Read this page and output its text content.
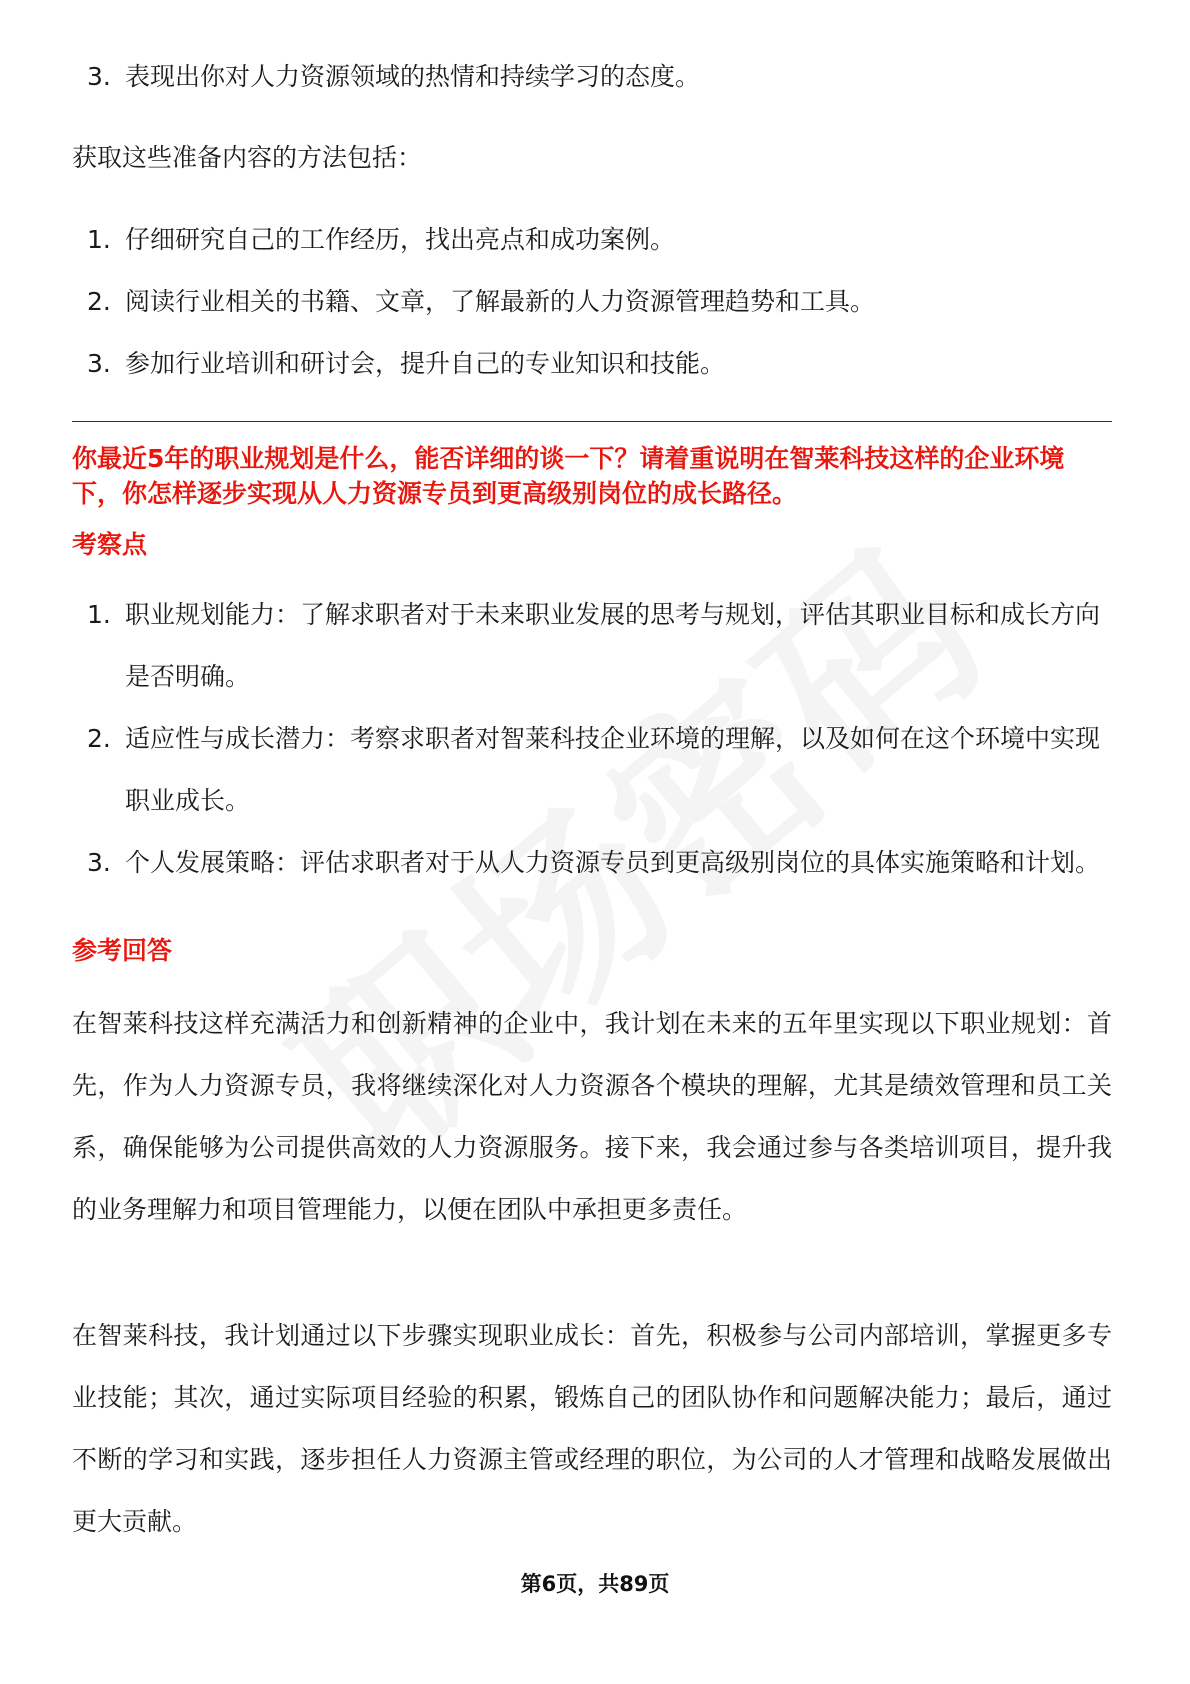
3. 表现出你对人力资源领域的热情和持续学习的态度。
获取这些准备内容的方法包括：
1. 仔细研究自己的工作经历，找出亮点和成功案例。
2. 阅读行业相关的书籍、文章，了解最新的人力资源管理趋势和工具。
3. 参加行业培训和研讨会，提升自己的专业知识和技能。
你最近5年的职业规划是什么，能否详细的谈一下？请着重说明在智莱科技这样的企业环境下，你怎样逐步实现从人力资源专员到更高级别岗位的成长路径。
考察点
1. 职业规划能力：了解求职者对于未来职业发展的思考与规划，评估其职业目标和成长方向是否明确。
2. 适应性与成长潜力：考察求职者对智莱科技企业环境的理解，以及如何在这个环境中实现职业成长。
3. 个人发展策略：评估求职者对于从人力资源专员到更高级别岗位的具体实施策略和计划。
参考回答
在智莱科技这样充满活力和创新精神的企业中，我计划在未来的五年里实现以下职业规划：首先，作为人力资源专员，我将继续深化对人力资源各个模块的理解，尤其是绩效管理和员工关系，确保能够为公司提供高效的人力资源服务。接下来，我会通过参与各类培训项目，提升我的业务理解力和项目管理能力，以便在团队中承担更多责任。
在智莱科技，我计划通过以下步骤实现职业成长：首先，积极参与公司内部培训，掌握更多专业技能；其次，通过实际项目经验的积累，锻炼自己的团队协作和问题解决能力；最后，通过不断的学习和实践，逐步担任人力资源主管或经理的职位，为公司的人才管理和战略发展做出更大贡献。
第6页，共89页
